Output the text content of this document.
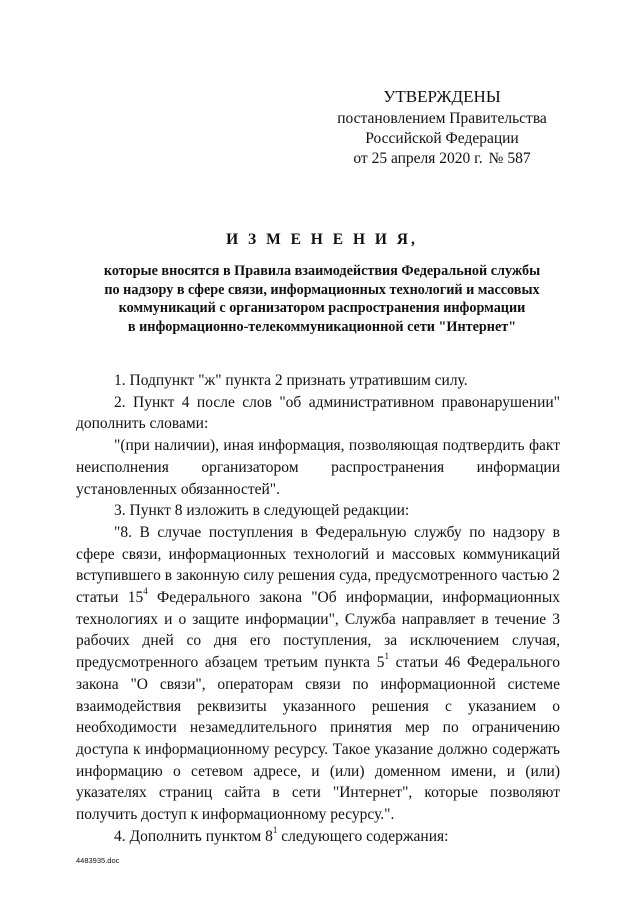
УТВЕРЖДЕНЫ
постановлением Правительства
Российской Федерации
от 25 апреля 2020 г. № 587
И З М Е Н Е Н И Я,
которые вносятся в Правила взаимодействия Федеральной службы
по надзору в сфере связи, информационных технологий и массовых
коммуникаций с организатором распространения информации
в информационно-телекоммуникационной сети "Интернет"

1. Подпункт "ж" пункта 2 признать утратившим силу.

2. Пункт 4 после слов "об административном правонарушении" дополнить словами:

"(при наличии), иная информация, позволяющая подтвердить факт неисполнения организатором распространения информации установленных обязанностей".

3. Пункт 8 изложить в следующей редакции:

"8. В случае поступления в Федеральную службу по надзору в сфере связи, информационных технологий и массовых коммуникаций вступившего в законную силу решения суда, предусмотренного частью 2 статьи $15^4$ Федерального закона "Об информации, информационных технологиях и о защите информации", Служба направляет в течение 3 рабочих дней со дня его поступления, за исключением случая, предусмотренного абзацем третьим пункта $5^1$ статьи 46 Федерального закона "О связи", операторам связи по информационной системе взаимодействия реквизиты указанного решения с указанием о необходимости незамедлительного принятия мер по ограничению доступа к информационному ресурсу. Такое указание должно содержать информацию о сетевом адресе, и (или) доменном имени, и (или) указателях страниц сайта в сети "Интернет", которые позволяют получить доступ к информационному ресурсу.".

4. Дополнить пунктом $8^1$ следующего содержания:

4483935.doc
